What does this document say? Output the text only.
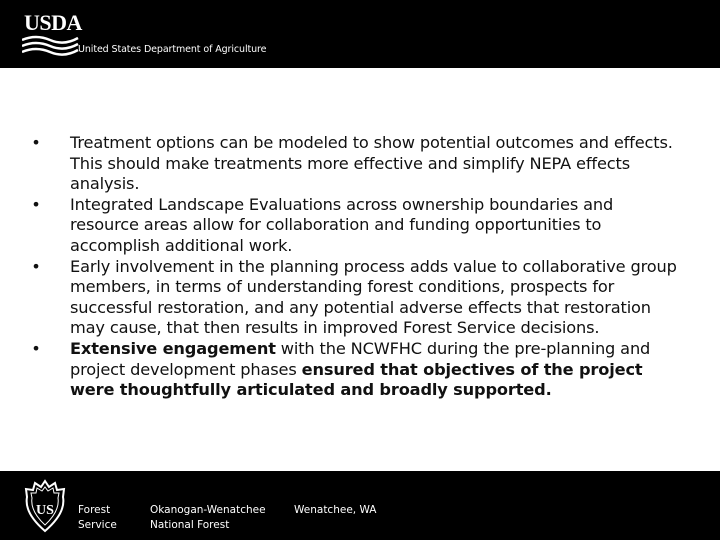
USDA
United States Department of Agriculture
• Treatment options can be modeled to show potential outcomes and effects. This should make treatments more effective and simplify NEPA effects analysis.
• Integrated Landscape Evaluations across ownership boundaries and resource areas allow for collaboration and funding opportunities to accomplish additional work.
• Early involvement in the planning process adds value to collaborative group members, in terms of understanding forest conditions, prospects for successful restoration, and any potential adverse effects that restoration may cause, that then results in improved Forest Service decisions.
• Extensive engagement with the NCWFHC during the pre-planning and project development phases ensured that objectives of the project were thoughtfully articulated and broadly supported.
US Forest
Service
Okanogan-Wenatchee
National Forest
Wenatchee, WA
